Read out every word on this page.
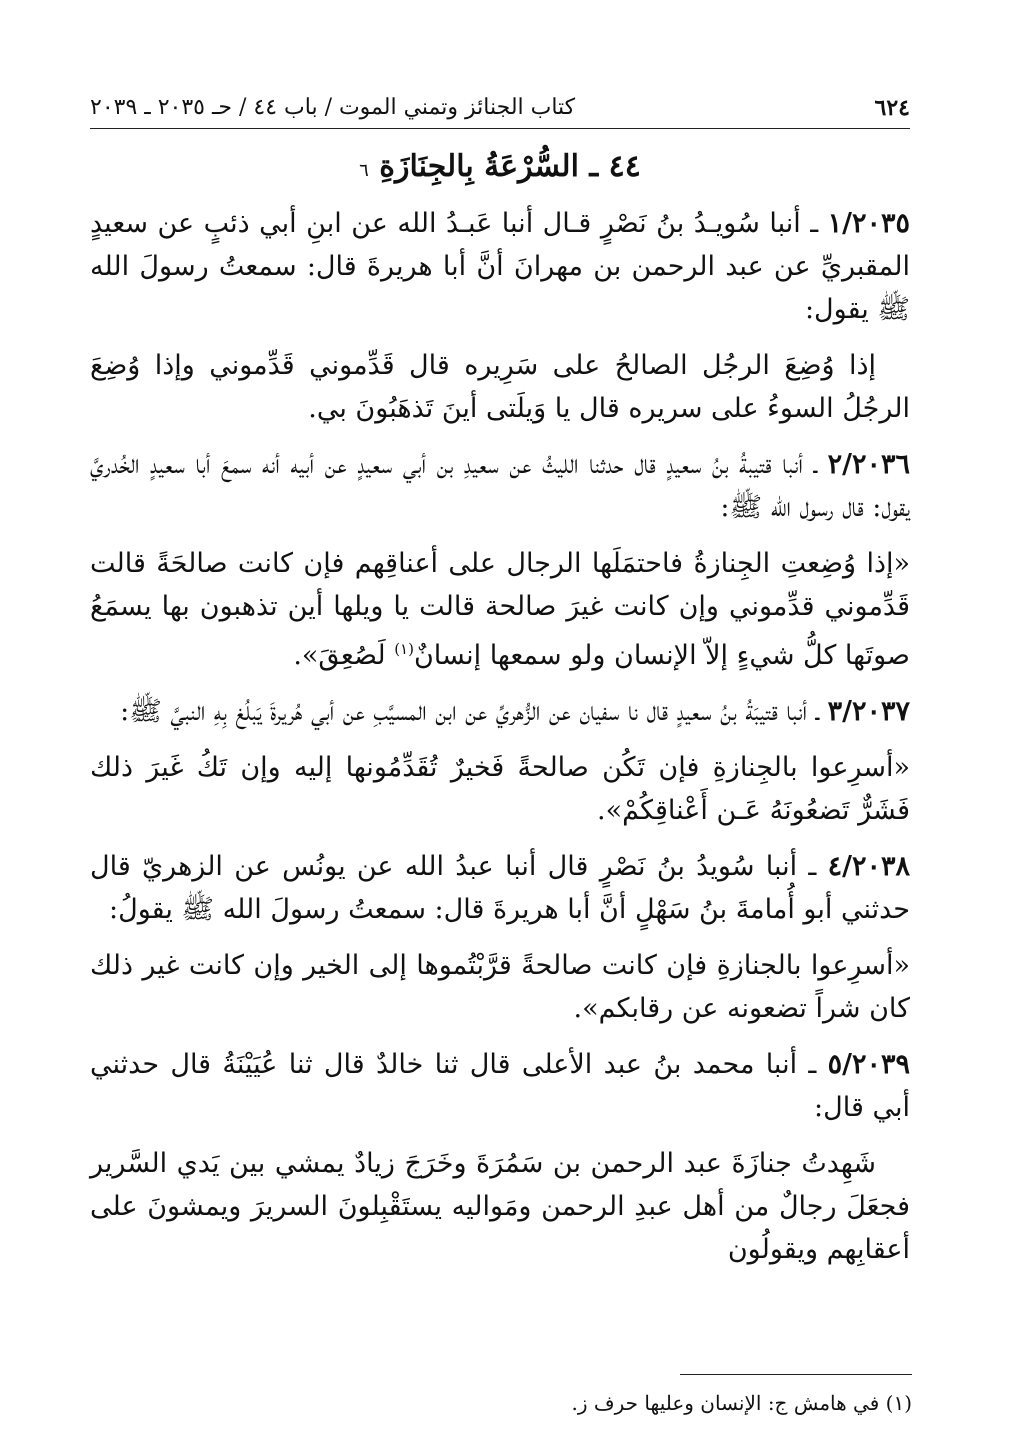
٦٢٤
كتاب الجنائز وتمني الموت / باب ٤٤ / حـ ٢٠٣٥ ـ ٢٠٣٩
٤٤ ـ السُّرْعَةُ بِالجِنَازَةِ ٦

١/٢٠٣٥ ـ أنبا سُويـدُ بنُ نَصْرٍ قـال أنبا عَبـدُ الله عن ابنِ أبي ذئبٍ عن سعيدٍ المقبريِّ عن عبد الرحمن بن مهرانَ أنَّ أبا هريرةَ قال: سمعتُ رسولَ الله ﷺ يقول:

إذا وُضِعَ الرجُل الصالحُ على سَرِيره قال قَدِّموني قَدِّموني وإذا وُضِعَ الرجُلُ السوءُ على سريره قال يا وَيلَتى أينَ تَذهَبُونَ بي.

٢/٢٠٣٦ ـ أنبا قتيبةُ بنُ سعيدٍ قال حدثنا الليثُ عن سعيدِ بن أبي سعيدٍ عن أبيه أنه سمعَ أبا سعيدٍ الخُدريَّ يقول: قال رسول الله ﷺ:

«إذا وُضِعتِ الجِنازةُ فاحتمَلَها الرجال على أعناقِهم فإن كانت صالحَةً قالت قَدِّموني قدِّموني وإن كانت غيرَ صالحة قالت يا ويلها أين تذهبون بها يسمَعُ صوتَها كلُّ شيءٍ إلاّ الإنسان ولو سمعها إنسانٌ$^{(١)}$ لَصُعِقَ».

٣/٢٠٣٧ ـ أنبا قتيبَةُ بنُ سعيدٍ قال نا سفيان عن الزُّهريِّ عن ابن المسيَّبِ عن أبي هُريرةَ يَبلُغ بِهِ النبيَّ ﷺ:

«أسرِعوا بالجِنازةِ فإن تَكُن صالحةً فَخيرٌ تُقَدِّمُونها إليه وإن تَكُ غَيرَ ذلك فَشَرٌّ تَضعُونَهُ عَـن أَعْناقِكُمْ».

٤/٢٠٣٨ ـ أنبا سُويدُ بنُ نَصْرٍ قال أنبا عبدُ الله عن يونُس عن الزهريّ قال حدثني أبو أُمامةَ بنُ سَهْلٍ أنَّ أبا هريرةَ قال: سمعتُ رسولَ الله ﷺ يقولُ:

«أسرِعوا بالجنازةِ فإن كانت صالحةً قرَّبْتُموها إلى الخير وإن كانت غير ذلك كان شراً تضعونه عن رقابكم».

٥/٢٠٣٩ ـ أنبا محمد بنُ عبد الأعلى قال ثنا خالدٌ قال ثنا عُيَيْنَةُ قال حدثني أبي قال:

شَهِدتُ جنازَةَ عبد الرحمن بن سَمُرَةَ وخَرَجَ زيادٌ يمشي بين يَدي السَّرير فجعَلَ رجالٌ من أهل عبدِ الرحمن ومَواليه يستَقْبِلونَ السريرَ ويمشونَ على أعقابِهم ويقولُون

(١) في هامش ج: الإنسان وعليها حرف ز.
